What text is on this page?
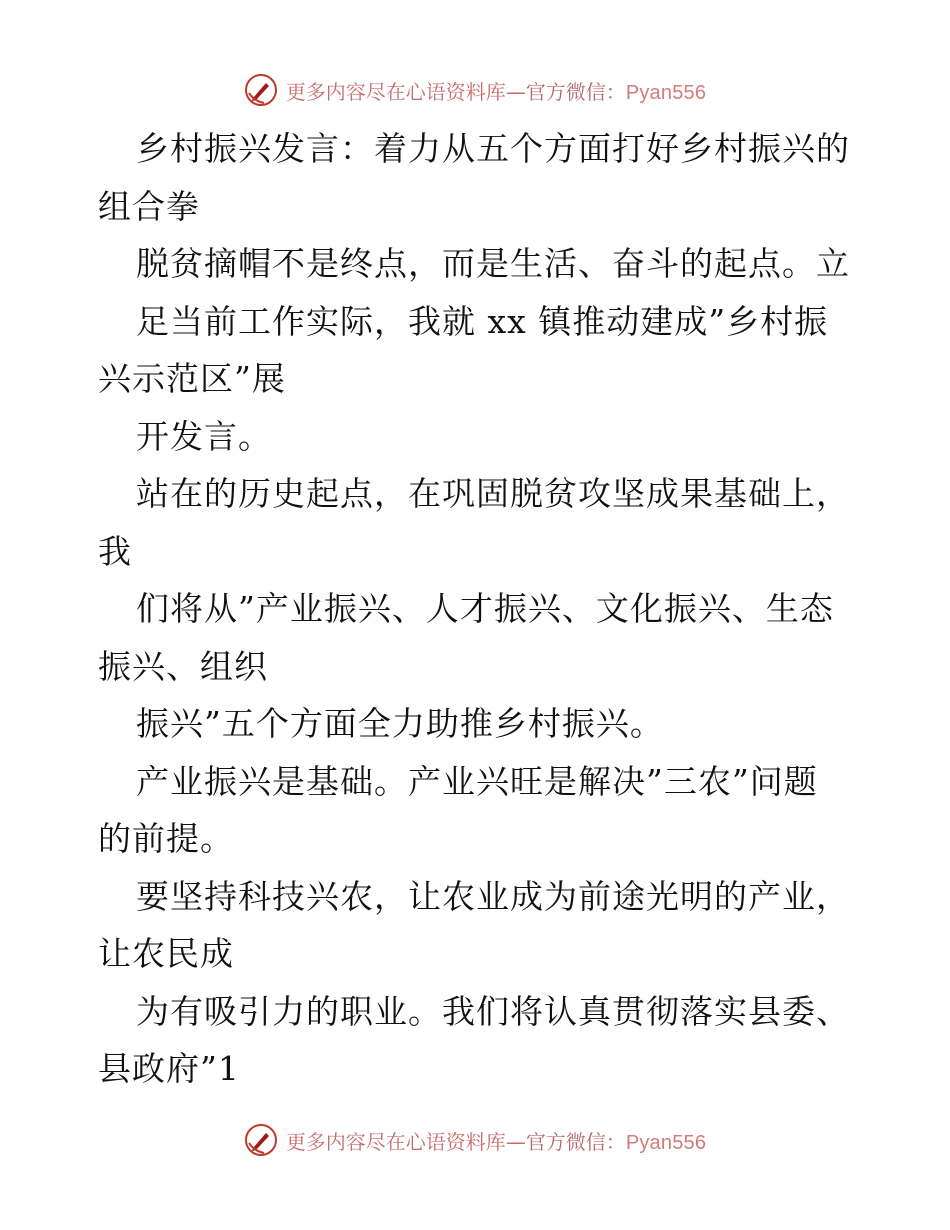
更多内容尽在心语资料库—官方微信：Pyan556
乡村振兴发言：着力从五个方面打好乡村振兴的
组合拳
脱贫摘帽不是终点，而是生活、奋斗的起点。立
足当前工作实际，我就 xx 镇推动建成”乡村振
兴示范区”展
开发言。
站在的历史起点，在巩固脱贫攻坚成果基础上，
我
们将从”产业振兴、人才振兴、文化振兴、生态
振兴、组织
振兴”五个方面全力助推乡村振兴。
产业振兴是基础。产业兴旺是解决”三农”问题
的前提。
要坚持科技兴农，让农业成为前途光明的产业，
让农民成
为有吸引力的职业。我们将认真贯彻落实县委、
县政府”1
更多内容尽在心语资料库—官方微信：Pyan556
